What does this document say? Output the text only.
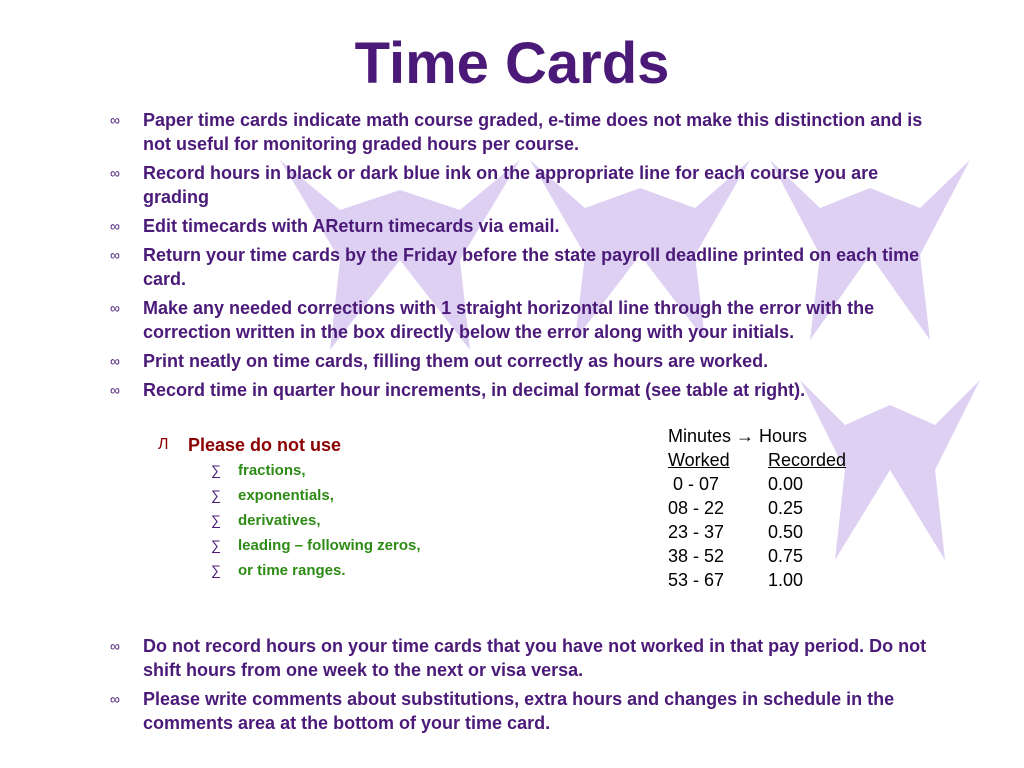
Time Cards
∞ Paper time cards indicate math course graded, e-time does not make this distinction and is not useful for monitoring graded hours per course.
∞ Record hours in black or dark blue ink on the appropriate line for each course you are grading
∞ Edit timecards with AReturn timecards via email.
∞ Return your time cards by the Friday before the state payroll deadline printed on each time card.
∞ Make any needed corrections with 1 straight horizontal line through the error with the correction written in the box directly below the error along with your initials.
∞ Print neatly on time cards, filling them out correctly as hours are worked.
∞ Record time in quarter hour increments, in decimal format (see table at right).
Л Please do not use
∑ fractions,
∑ exponentials,
∑ derivatives,
∑ leading – following zeros,
∑ or time ranges.
Minutes → Hours
Worked	Recorded
0 - 07	0.00
08 - 22	0.25
23 - 37	0.50
38 - 52	0.75
53 - 67	1.00
∞ Do not record hours on your time cards that you have not worked in that pay period. Do not shift hours from one week to the next or visa versa.
∞ Please write comments about substitutions, extra hours and changes in schedule in the comments area at the bottom of your time card.
